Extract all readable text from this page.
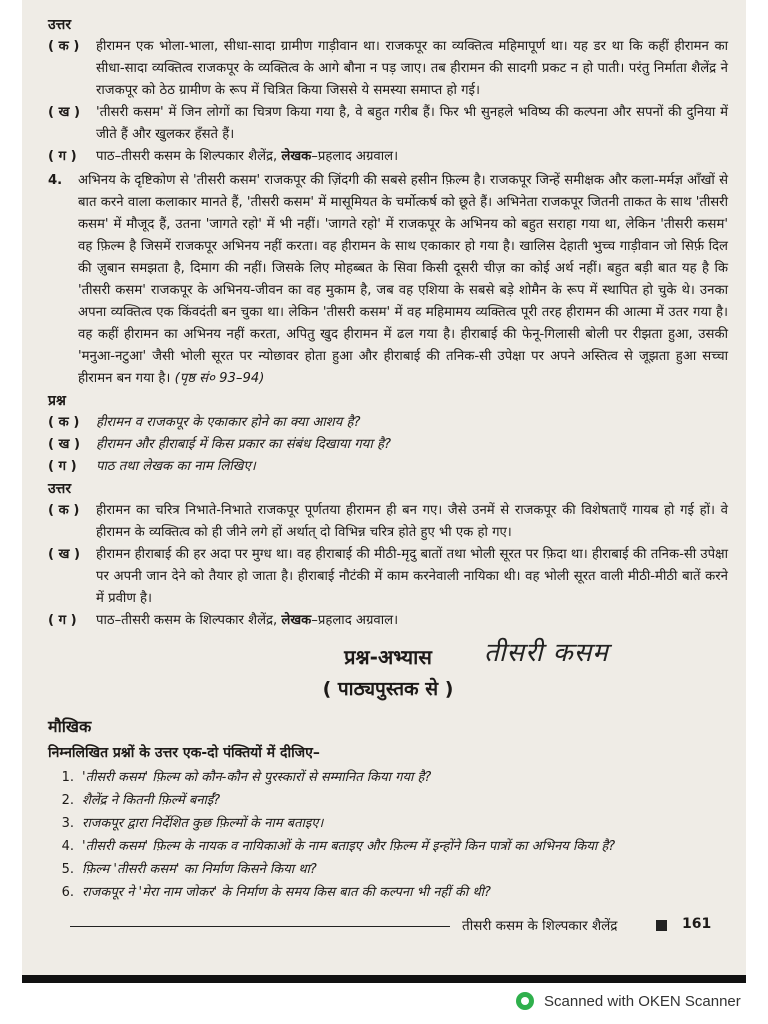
उत्तर

( क )	हीरामन एक भोला-भाला, सीधा-सादा ग्रामीण गाड़ीवान था। राजकपूर का व्यक्तित्व महिमापूर्ण था। यह डर था कि कहीं हीरामन का सीधा-सादा व्यक्तित्व राजकपूर के व्यक्तित्व के आगे बौना न पड़ जाए। तब हीरामन की सादगी प्रकट न हो पाती। परंतु निर्माता शैलेंद्र ने राजकपूर को ठेठ ग्रामीण के रूप में चित्रित किया जिससे ये समस्या समाप्त हो गई।
( ख )	'तीसरी कसम' में जिन लोगों का चित्रण किया गया है, वे बहुत गरीब हैं। फिर भी सुनहले भविष्य की कल्पना और सपनों की दुनिया में जीते हैं और खुलकर हँसते हैं।
( ग )	पाठ–तीसरी कसम के शिल्पकार शैलेंद्र, लेखक–प्रहलाद अग्रवाल।
4.	अभिनय के दृष्टिकोण से 'तीसरी कसम' राजकपूर की ज़िंदगी की सबसे हसीन फ़िल्म है। राजकपूर जिन्हें समीक्षक और कला-मर्मज्ञ आँखों से बात करने वाला कलाकार मानते हैं, 'तीसरी कसम' में मासूमियत के चर्मोत्कर्ष को छूते हैं। अभिनेता राजकपूर जितनी ताकत के साथ 'तीसरी कसम' में मौजूद हैं, उतना 'जागते रहो' में भी नहीं। 'जागते रहो' में राजकपूर के अभिनय को बहुत सराहा गया था, लेकिन 'तीसरी कसम' वह फ़िल्म है जिसमें राजकपूर अभिनय नहीं करता। वह हीरामन के साथ एकाकार हो गया है। खालिस देहाती भुच्च गाड़ीवान जो सिर्फ़ दिल की ज़ुबान समझता है, दिमाग की नहीं। जिसके लिए मोहब्बत के सिवा किसी दूसरी चीज़ का कोई अर्थ नहीं। बहुत बड़ी बात यह है कि 'तीसरी कसम' राजकपूर के अभिनय-जीवन का वह मुकाम है, जब वह एशिया के सबसे बड़े शोमैन के रूप में स्थापित हो चुके थे। उनका अपना व्यक्तित्व एक किंवदंती बन चुका था। लेकिन 'तीसरी कसम' में वह महिमामय व्यक्तित्व पूरी तरह हीरामन की आत्मा में उतर गया है। वह कहीं हीरामन का अभिनय नहीं करता, अपितु खुद हीरामन में ढल गया है। हीराबाई की फेनू-गिलासी बोली पर रीझता हुआ, उसकी 'मनुआ-नटुआ' जैसी भोली सूरत पर न्योछावर होता हुआ और हीराबाई की तनिक-सी उपेक्षा पर अपने अस्तित्व से जूझता हुआ सच्चा हीरामन बन गया है। (पृष्ठ सं० 93–94)

प्रश्न

( क )	हीरामन व राजकपूर के एकाकार होने का क्या आशय है?
( ख )	हीरामन और हीराबाई में किस प्रकार का संबंध दिखाया गया है?
( ग )	पाठ तथा लेखक का नाम लिखिए।

उत्तर

( क )	हीरामन का चरित्र निभाते-निभाते राजकपूर पूर्णतया हीरामन ही बन गए। जैसे उनमें से राजकपूर की विशेषताएँ गायब हो गई हों। वे हीरामन के व्यक्तित्व को ही जीने लगे हों अर्थात् दो विभिन्न चरित्र होते हुए भी एक हो गए।
( ख )	हीरामन हीराबाई की हर अदा पर मुग्ध था। वह हीराबाई की मीठी-मृदु बातों तथा भोली सूरत पर फ़िदा था। हीराबाई की तनिक-सी उपेक्षा पर अपनी जान देने को तैयार हो जाता है। हीराबाई नौटंकी में काम करनेवाली नायिका थी। वह भोली सूरत वाली मीठी-मीठी बातें करने में प्रवीण है।
( ग )	पाठ–तीसरी कसम के शिल्पकार शैलेंद्र, लेखक–प्रहलाद अग्रवाल।
प्रश्न-अभ्यास	तीसरी कसम
( पाठ्यपुस्तक से )
मौखिक
निम्नलिखित प्रश्नों के उत्तर एक-दो पंक्तियों में दीजिए–
1. 'तीसरी कसम' फ़िल्म को कौन-कौन से पुरस्कारों से सम्मानित किया गया है?
2. शैलेंद्र ने कितनी फ़िल्में बनाईं?
3. राजकपूर द्वारा निर्देशित कुछ फ़िल्मों के नाम बताइए।
4. 'तीसरी कसम' फ़िल्म के नायक व नायिकाओं के नाम बताइए और फ़िल्म में इन्होंने किन पात्रों का अभिनय किया है?
5. फ़िल्म 'तीसरी कसम' का निर्माण किसने किया था?
6. राजकपूर ने 'मेरा नाम जोकर' के निर्माण के समय किस बात की कल्पना भी नहीं की थी?
तीसरी कसम के शिल्पकार शैलेंद्र	161
Scanned with OKEN Scanner
